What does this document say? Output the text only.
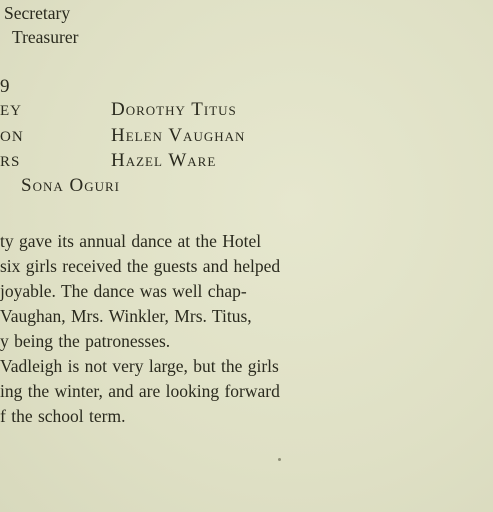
Secretary
Treasurer
9
EY
ON
RS
Dorothy Titus
Helen Vaughan
Hazel Ware
Sona Oguri
ty gave its annual dance at the Hotel
six girls received the guests and helped
joyable. The dance was well chap-
Vaughan, Mrs. Winkler, Mrs. Titus,
y being the patronesses.
Vadleigh is not very large, but the girls
ing the winter, and are looking forward
f the school term.
